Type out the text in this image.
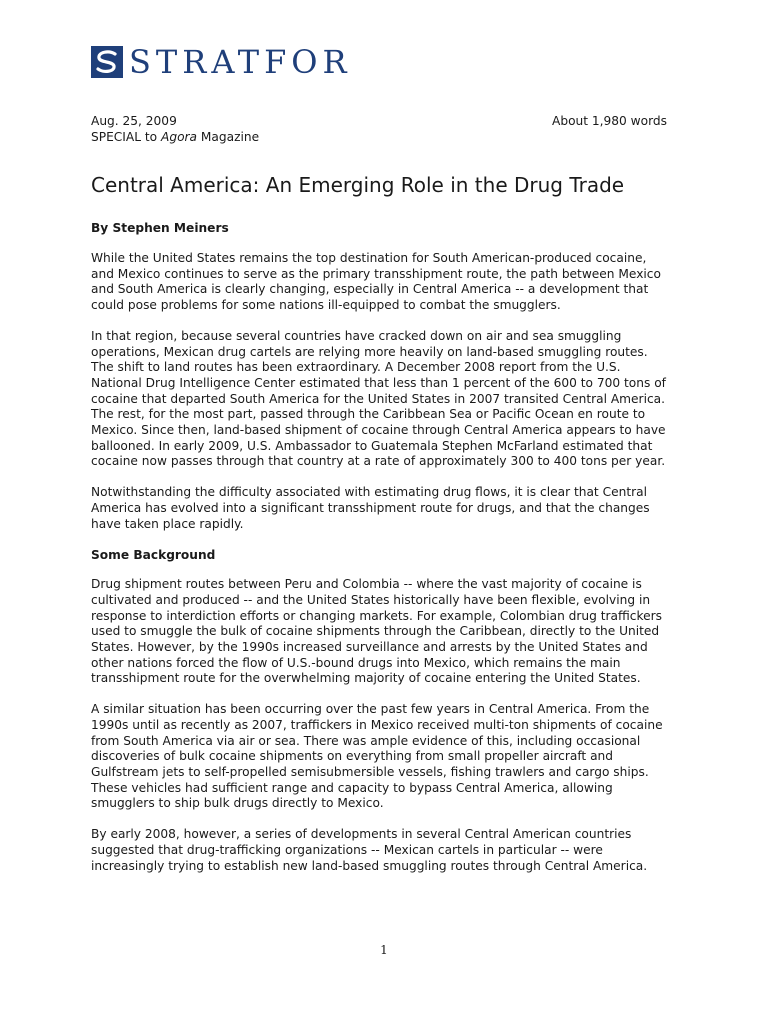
STRATFOR
Aug. 25, 2009	About 1,980 words
SPECIAL to Agora Magazine
Central America: An Emerging Role in the Drug Trade
By Stephen Meiners

While the United States remains the top destination for South American-produced cocaine, and Mexico continues to serve as the primary transshipment route, the path between Mexico and South America is clearly changing, especially in Central America -- a development that could pose problems for some nations ill-equipped to combat the smugglers.

In that region, because several countries have cracked down on air and sea smuggling operations, Mexican drug cartels are relying more heavily on land-based smuggling routes. The shift to land routes has been extraordinary. A December 2008 report from the U.S. National Drug Intelligence Center estimated that less than 1 percent of the 600 to 700 tons of cocaine that departed South America for the United States in 2007 transited Central America. The rest, for the most part, passed through the Caribbean Sea or Pacific Ocean en route to Mexico. Since then, land-based shipment of cocaine through Central America appears to have ballooned. In early 2009, U.S. Ambassador to Guatemala Stephen McFarland estimated that cocaine now passes through that country at a rate of approximately 300 to 400 tons per year.

Notwithstanding the difficulty associated with estimating drug flows, it is clear that Central America has evolved into a significant transshipment route for drugs, and that the changes have taken place rapidly.

Some Background

Drug shipment routes between Peru and Colombia -- where the vast majority of cocaine is cultivated and produced -- and the United States historically have been flexible, evolving in response to interdiction efforts or changing markets. For example, Colombian drug traffickers used to smuggle the bulk of cocaine shipments through the Caribbean, directly to the United States. However, by the 1990s increased surveillance and arrests by the United States and other nations forced the flow of U.S.-bound drugs into Mexico, which remains the main transshipment route for the overwhelming majority of cocaine entering the United States.

A similar situation has been occurring over the past few years in Central America. From the 1990s until as recently as 2007, traffickers in Mexico received multi-ton shipments of cocaine from South America via air or sea. There was ample evidence of this, including occasional discoveries of bulk cocaine shipments on everything from small propeller aircraft and Gulfstream jets to self-propelled semisubmersible vessels, fishing trawlers and cargo ships. These vehicles had sufficient range and capacity to bypass Central America, allowing smugglers to ship bulk drugs directly to Mexico.

By early 2008, however, a series of developments in several Central American countries suggested that drug-trafficking organizations -- Mexican cartels in particular -- were increasingly trying to establish new land-based smuggling routes through Central America.

1
